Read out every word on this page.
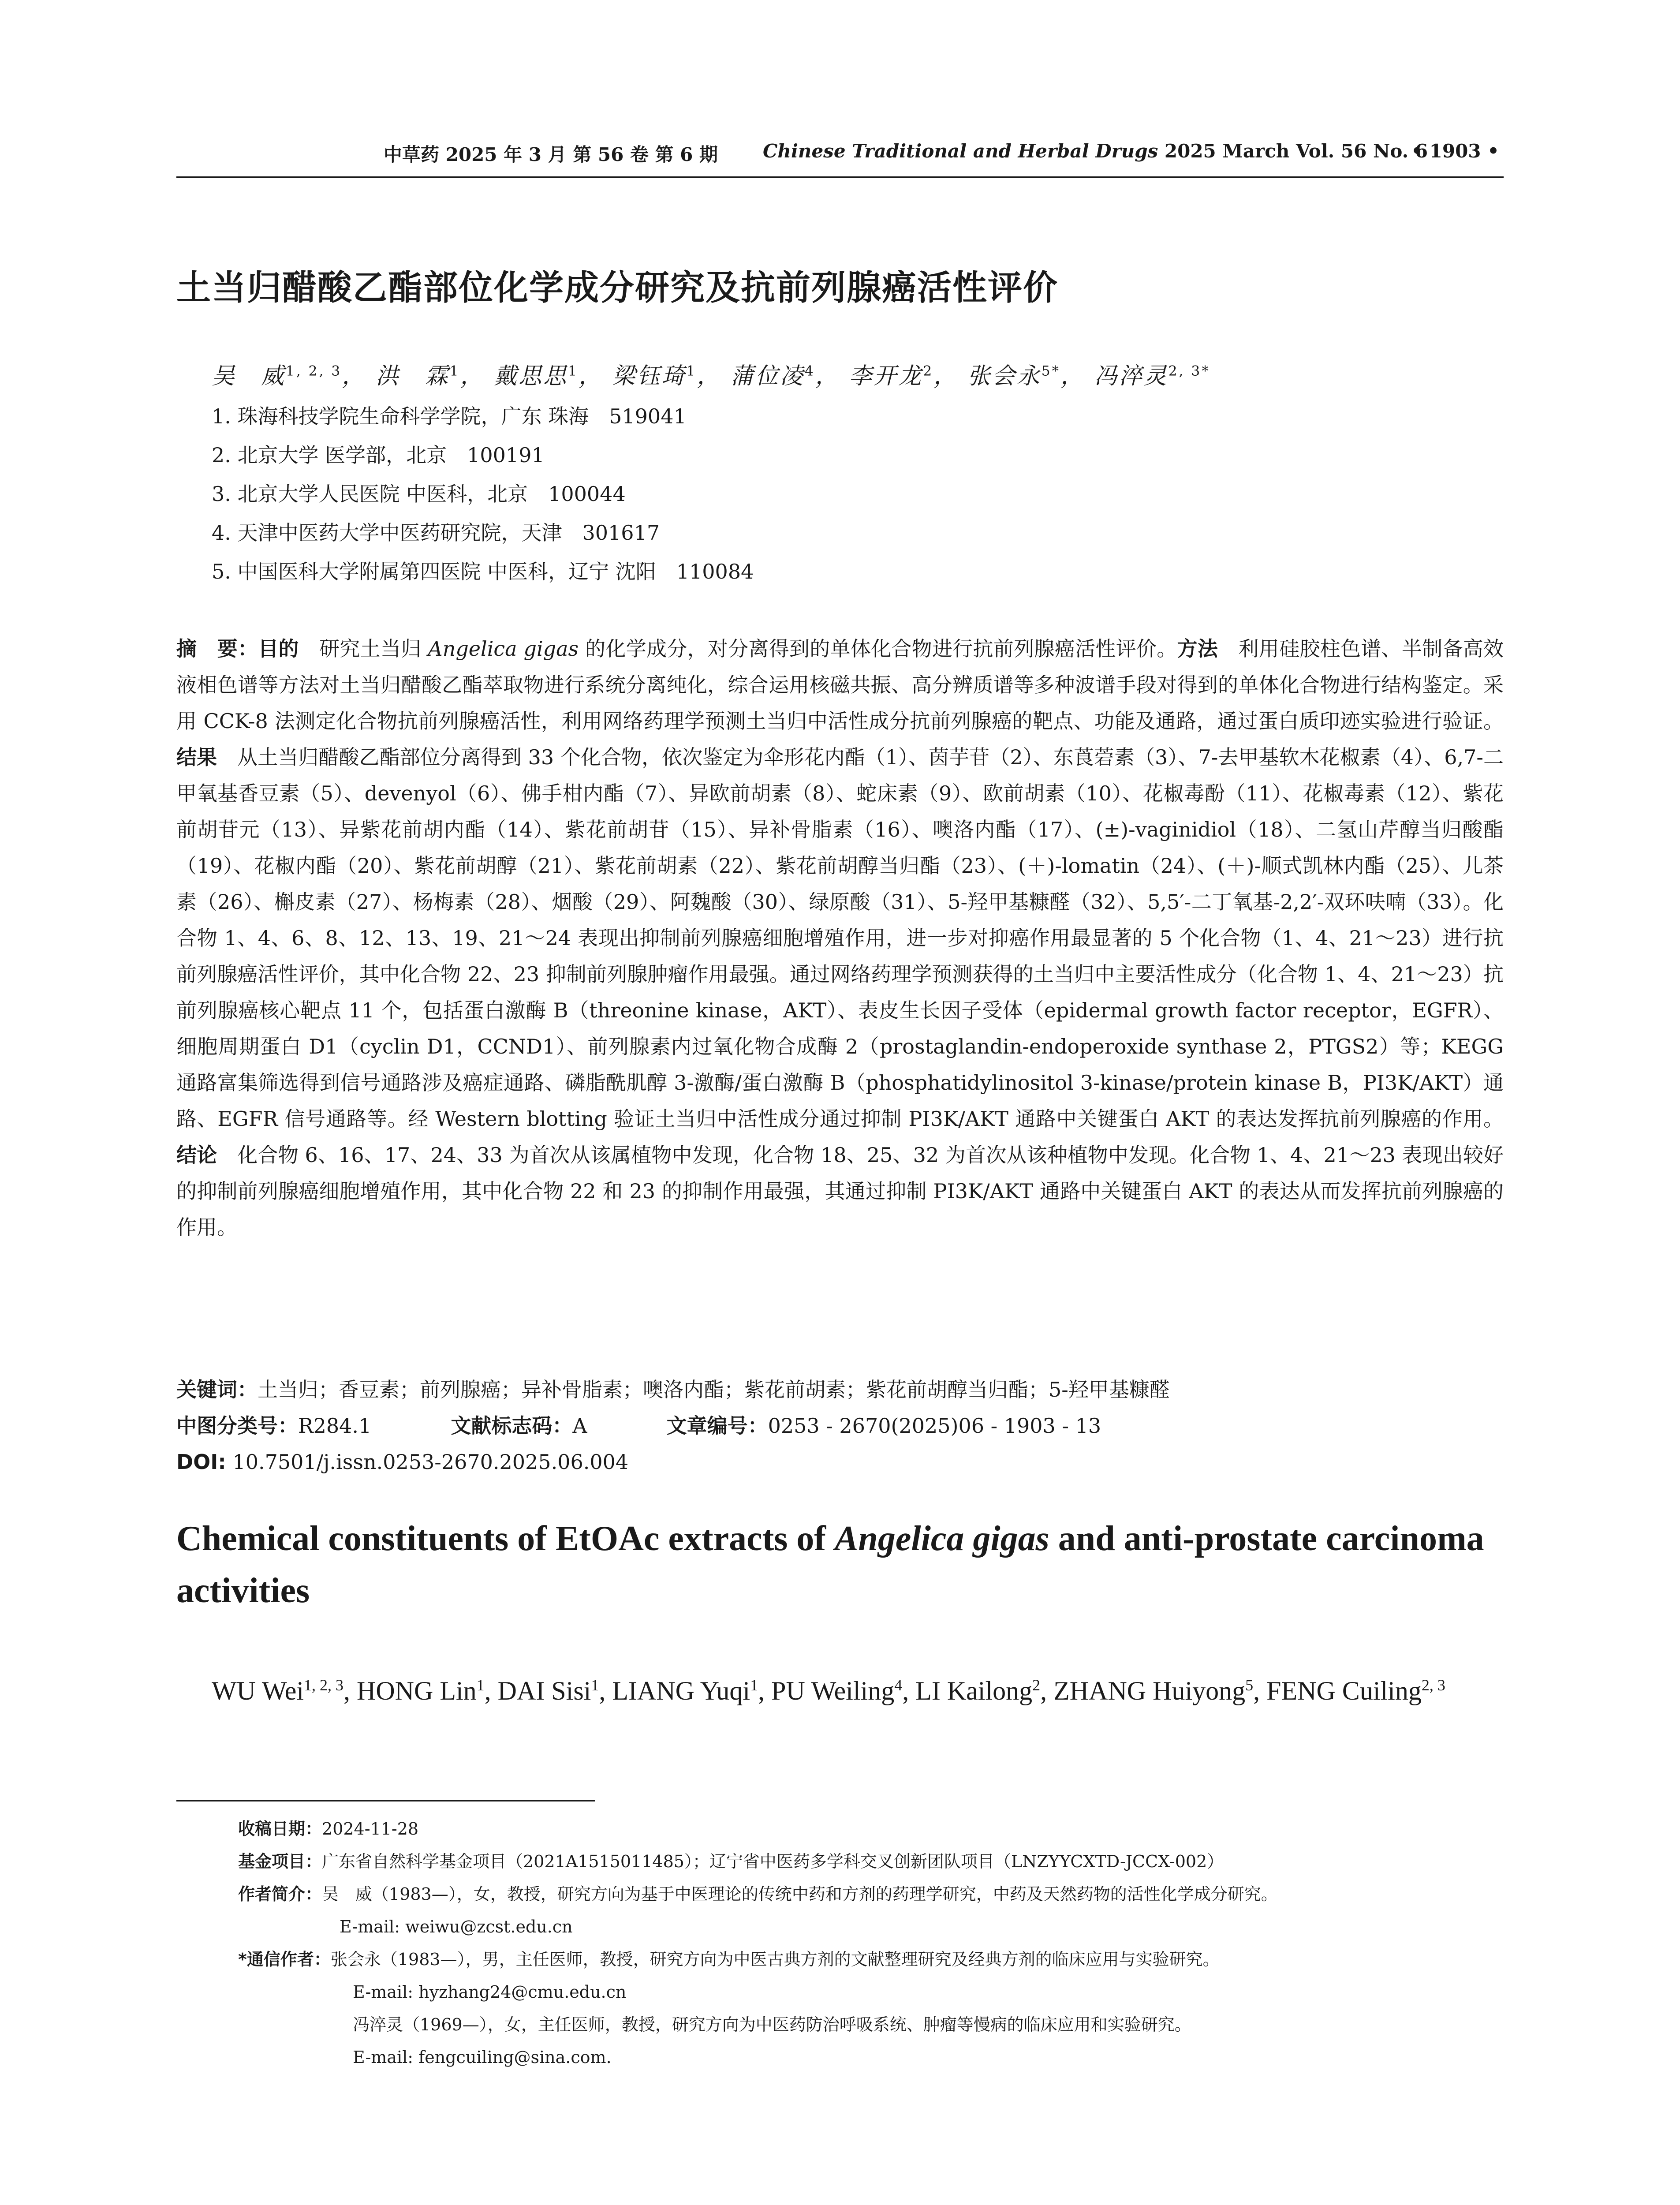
中草药 2025 年 3 月 第 56 卷 第 6 期 Chinese Traditional and Herbal Drugs 2025 March Vol. 56 No. 6
• 1903 •
土当归醋酸乙酯部位化学成分研究及抗前列腺癌活性评价
吴　威$^{1, 2, 3}$， 洪　霖$^1$， 戴思思$^1$， 梁钰琦$^1$， 蒲位凌$^4$， 李开龙$^2$， 张会永$^{5*}$， 冯淬灵$^{2, 3*}$
1. 珠海科技学院生命科学学院，广东 珠海　519041
2. 北京大学 医学部，北京　100191
3. 北京大学人民医院 中医科，北京　100044
4. 天津中医药大学中医药研究院，天津　301617
5. 中国医科大学附属第四医院 中医科，辽宁 沈阳　110084
摘　要：目的　研究土当归 Angelica gigas 的化学成分，对分离得到的单体化合物进行抗前列腺癌活性评价。方法　利用硅胶柱色谱、半制备高效液相色谱等方法对土当归醋酸乙酯萃取物进行系统分离纯化，综合运用核磁共振、高分辨质谱等多种波谱手段对得到的单体化合物进行结构鉴定。采用 CCK-8 法测定化合物抗前列腺癌活性，利用网络药理学预测土当归中活性成分抗前列腺癌的靶点、功能及通路，通过蛋白质印迹实验进行验证。结果　从土当归醋酸乙酯部位分离得到 33 个化合物，依次鉴定为伞形花内酯（1）、茵芋苷（2）、东莨菪素（3）、7-去甲基软木花椒素（4）、6,7-二甲氧基香豆素（5）、devenyol（6）、佛手柑内酯（7）、异欧前胡素（8）、蛇床素（9）、欧前胡素（10）、花椒毒酚（11）、花椒毒素（12）、紫花前胡苷元（13）、异紫花前胡内酯（14）、紫花前胡苷（15）、异补骨脂素（16）、噢洛内酯（17）、(±)-vaginidiol（18）、二氢山芹醇当归酸酯（19）、花椒内酯（20）、紫花前胡醇（21）、紫花前胡素（22）、紫花前胡醇当归酯（23）、(＋)-lomatin（24）、(＋)-顺式凯林内酯（25）、儿茶素（26）、槲皮素（27）、杨梅素（28）、烟酸（29）、阿魏酸（30）、绿原酸（31）、5-羟甲基糠醛（32）、5,5′-二丁氧基-2,2′-双环呋喃（33）。化合物 1、4、6、8、12、13、19、21～24 表现出抑制前列腺癌细胞增殖作用，进一步对抑癌作用最显著的 5 个化合物（1、4、21～23）进行抗前列腺癌活性评价，其中化合物 22、23 抑制前列腺肿瘤作用最强。通过网络药理学预测获得的土当归中主要活性成分（化合物 1、4、21～23）抗前列腺癌核心靶点 11 个，包括蛋白激酶 B（threonine kinase，AKT）、表皮生长因子受体（epidermal growth factor receptor，EGFR）、细胞周期蛋白 D1（cyclin D1，CCND1）、前列腺素内过氧化物合成酶 2（prostaglandin-endoperoxide synthase 2，PTGS2）等；KEGG 通路富集筛选得到信号通路涉及癌症通路、磷脂酰肌醇 3-激酶/蛋白激酶 B（phosphatidylinositol 3-kinase/protein kinase B，PI3K/AKT）通路、EGFR 信号通路等。经 Western blotting 验证土当归中活性成分通过抑制 PI3K/AKT 通路中关键蛋白 AKT 的表达发挥抗前列腺癌的作用。结论　化合物 6、16、17、24、33 为首次从该属植物中发现，化合物 18、25、32 为首次从该种植物中发现。化合物 1、4、21～23 表现出较好的抑制前列腺癌细胞增殖作用，其中化合物 22 和 23 的抑制作用最强，其通过抑制 PI3K/AKT 通路中关键蛋白 AKT 的表达从而发挥抗前列腺癌的作用。
关键词：土当归；香豆素；前列腺癌；异补骨脂素；噢洛内酯；紫花前胡素；紫花前胡醇当归酯；5-羟甲基糠醛
中图分类号：R284.1	文献标志码：A	文章编号：0253 - 2670(2025)06 - 1903 - 13
DOI: 10.7501/j.issn.0253-2670.2025.06.004
Chemical constituents of EtOAc extracts of Angelica gigas and anti-prostate carcinoma activities
WU Wei$^{1, 2, 3}$, HONG Lin$^1$, DAI Sisi$^1$, LIANG Yuqi$^1$, PU Weiling$^4$, LI Kailong$^2$, ZHANG Huiyong$^5$, FENG Cuiling$^{2, 3}$
收稿日期：2024-11-28
基金项目：广东省自然科学基金项目（2021A1515011485）；辽宁省中医药多学科交叉创新团队项目（LNZYYCXTD-JCCX-002）
作者简介：吴　威（1983—），女，教授，研究方向为基于中医理论的传统中药和方剂的药理学研究，中药及天然药物的活性化学成分研究。
E-mail: weiwu@zcst.edu.cn
*通信作者：张会永（1983—），男，主任医师，教授，研究方向为中医古典方剂的文献整理研究及经典方剂的临床应用与实验研究。
E-mail: hyzhang24@cmu.edu.cn
冯淬灵（1969—），女，主任医师，教授，研究方向为中医药防治呼吸系统、肿瘤等慢病的临床应用和实验研究。
E-mail: fengcuiling@sina.com.
